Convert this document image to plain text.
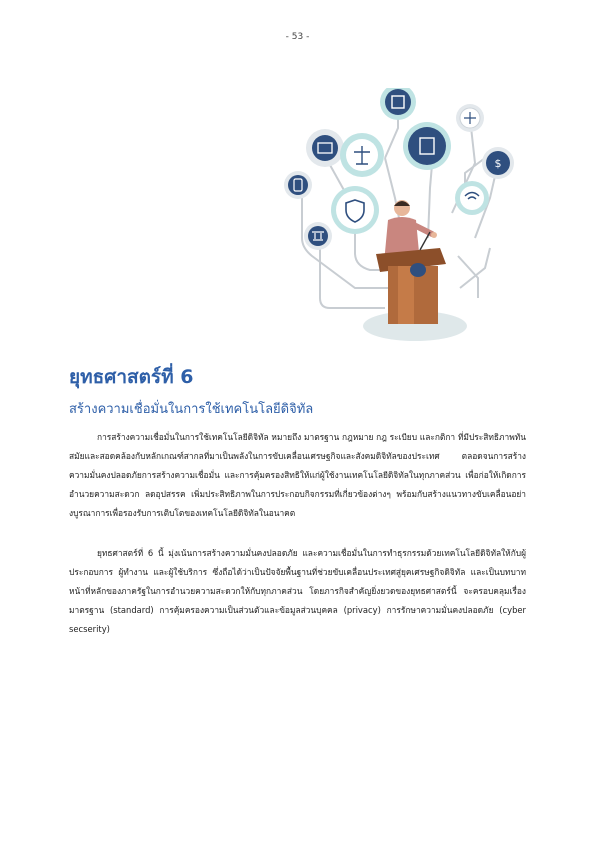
- 53 -
$
ยุทธศาสตร์ที่ 6
สร้างความเชื่อมั่นในการใช้เทคโนโลยีดิจิทัล

การสร้างความเชื่อมั่นในการใช้เทคโนโลยีดิจิทัล หมายถึง มาตรฐาน กฎหมาย กฎ ระเบียบ และกติกา ที่มีประสิทธิภาพทันสมัยและสอดคล้องกับหลักเกณฑ์สากลที่มาเป็นพลังในการขับเคลื่อนเศรษฐกิจและสังคมดิจิทัลของประเทศ ตลอดจนการสร้างความมั่นคงปลอดภัยการสร้างความเชื่อมั่น และการคุ้มครองสิทธิให้แก่ผู้ใช้งานเทคโนโลยีดิจิทัลในทุกภาคส่วน เพื่อก่อให้เกิดการอำนวยความสะดวก ลดอุปสรรค เพิ่มประสิทธิภาพในการประกอบกิจกรรมที่เกี่ยวข้องต่างๆ พร้อมกับสร้างแนวทางขับเคลื่อนอย่างบูรณาการเพื่อรองรับการเติบโตของเทคโนโลยีดิจิทัลในอนาคต

ยุทธศาสตร์ที่ 6 นี้ มุ่งเน้นการสร้างความมั่นคงปลอดภัย และความเชื่อมั่นในการทำธุรกรรมด้วยเทคโนโลยีดิจิทัลให้กับผู้ประกอบการ ผู้ทำงาน และผู้ใช้บริการ ซึ่งถือได้ว่าเป็นปัจจัยพื้นฐานที่ช่วยขับเคลื่อนประเทศสู่ยุคเศรษฐกิจดิจิทัล และเป็นบทบาทหน้าที่หลักของภาครัฐในการอำนวยความสะดวกให้กับทุกภาคส่วน โดยภารกิจสำคัญยิ่งยวดของยุทธศาสตร์นี้ จะครอบคลุมเรื่องมาตรฐาน (standard) การคุ้มครองความเป็นส่วนตัวและข้อมูลส่วนบุคคล (privacy) การรักษาความมั่นคงปลอดภัย (cyber secserity)
